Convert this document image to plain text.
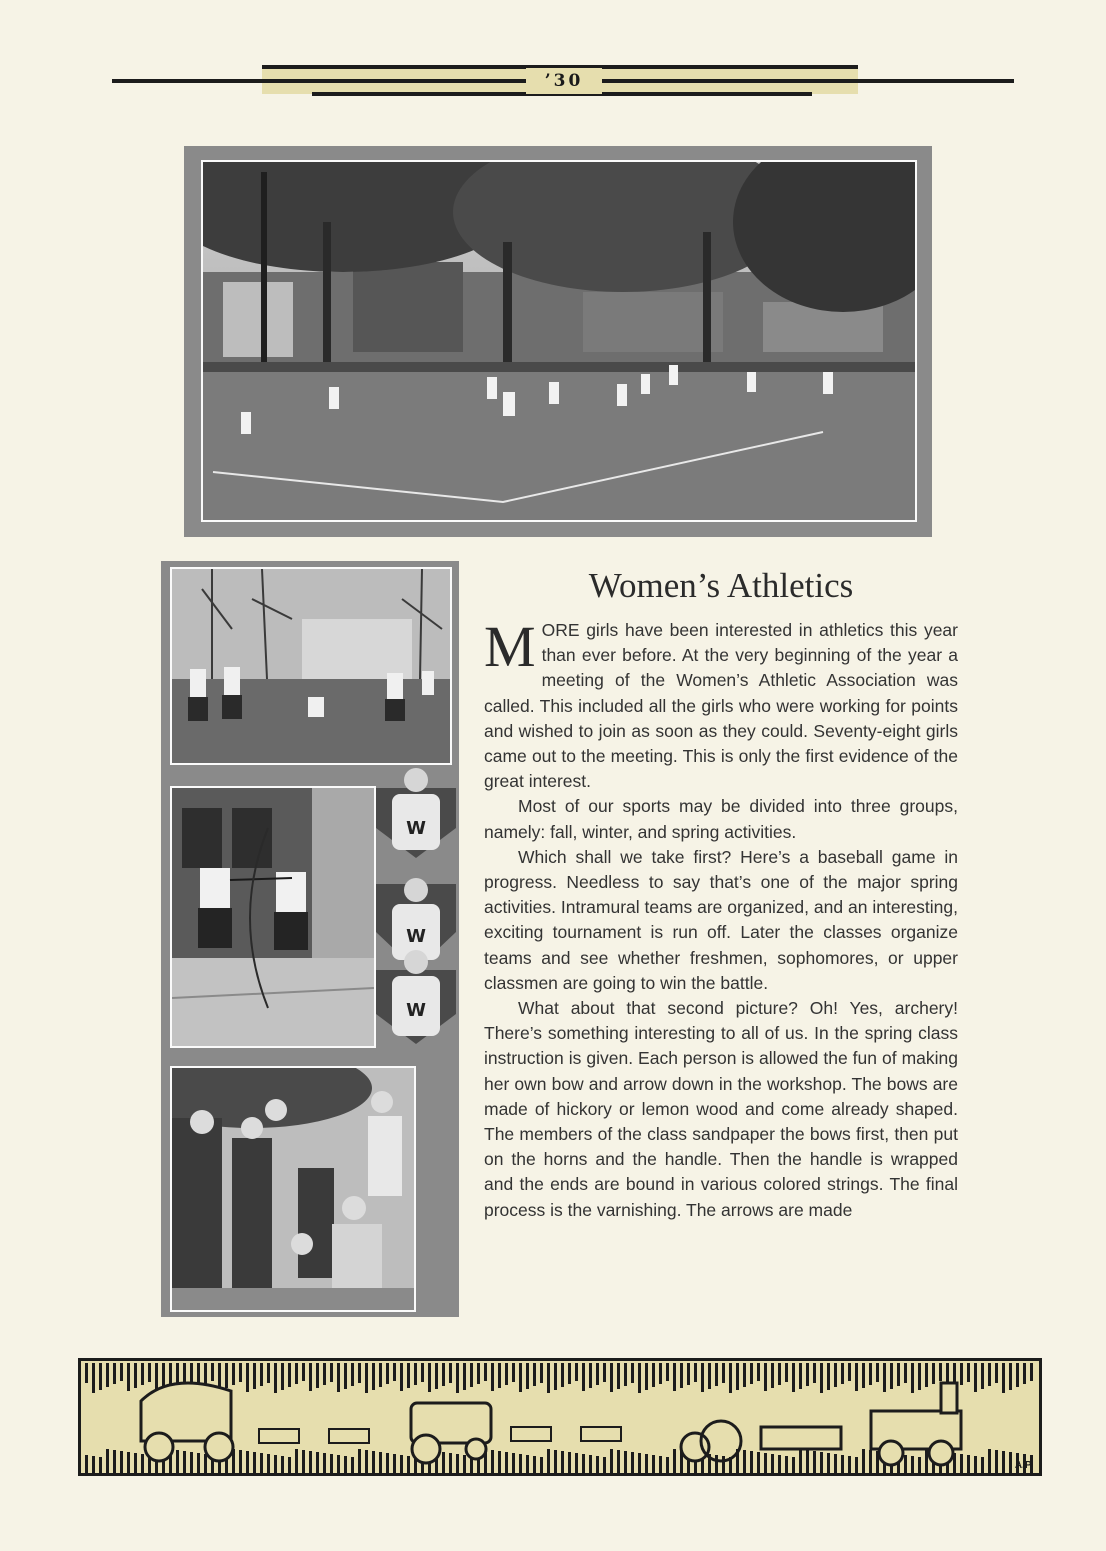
’30
W
W
W
Women’s Athletics

MORE girls have been interested in athletics this year than ever before. At the very beginning of the year a meeting of the Women’s Athletic Association was called. This included all the girls who were working for points and wished to join as soon as they could. Seventy-eight girls came out to the meeting. This is only the first evidence of the great interest.

Most of our sports may be divided into three groups, namely: fall, winter, and spring activities.

Which shall we take first? Here’s a baseball game in progress. Needless to say that’s one of the major spring activities. Intramural teams are organized, and an interesting, exciting tournament is run off. Later the classes organize teams and see whether freshmen, sophomores, or upper classmen are going to win the battle.

What about that second picture? Oh! Yes, archery! There’s something interesting to all of us. In the spring class instruction is given. Each person is allowed the fun of making her own bow and arrow down in the workshop. The bows are made of hickory or lemon wood and come already shaped. The members of the class sandpaper the bows first, then put on the horns and the handle. Then the handle is wrapped and the ends are bound in various colored strings. The final process is the varnishing. The arrows are made

A.P.
